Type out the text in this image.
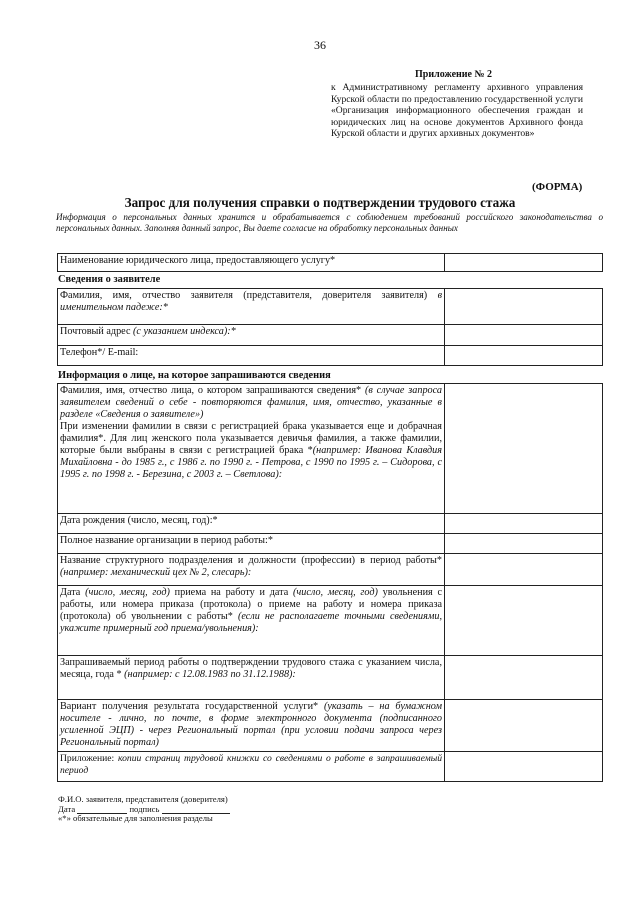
36
Приложение № 2
к Административному регламенту архивного управления Курской области по предоставлению государственной услуги «Организация информационного обеспечения граждан и юридических лиц на основе документов Архивного фонда Курской области и других архивных документов»
(ФОРМА)
Запрос для получения справки о подтверждении трудового стажа
Информация о персональных данных хранится и обрабатывается с соблюдением требований российского законодательства о персональных данных. Заполняя данный запрос, Вы даете согласие на обработку персональных данных
Наименование юридического лица, предоставляющего услугу*	
Сведения о заявителе
Фамилия, имя, отчество заявителя (представителя, доверителя заявителя) в именительном падеже:*	
Почтовый адрес (с указанием индекса):*	
Телефон*/ E-mail:	
Информация о лице, на которое запрашиваются сведения
Фамилия, имя, отчество лица, о котором запрашиваются сведения* (в случае запроса заявителем сведений о себе - повторяются фамилия, имя, отчество, указанные в разделе «Сведения о заявителе»)
При изменении фамилии в связи с регистрацией брака указывается еще и добрачная фамилия*. Для лиц женского пола указывается девичья фамилия, а также фамилии, которые были выбраны в связи с регистрацией брака *(например: Иванова Клавдия Михайловна - до 1985 г., с 1986 г. по 1990 г. - Петрова, с 1990 по 1995 г. – Сидорова, с 1995 г. по 1998 г. - Березина, с 2003 г. – Светлова):	
Дата рождения (число, месяц, год):*	
Полное название организации в период работы:*	
Название структурного подразделения и должности (профессии) в период работы* (например: механический цех № 2, слесарь):	
Дата (число, месяц, год) приема на работу и дата (число, месяц, год) увольнения с работы, или номера приказа (протокола) о приеме на работу и номера приказа (протокола) об увольнении с работы* (если не располагаете точными сведениями, укажите примерный год приема/увольнения):	
Запрашиваемый период работы о подтверждении трудового стажа с указанием числа, месяца, года * (например: с 12.08.1983 по 31.12.1988):	
Вариант получения результата государственной услуги* (указать – на бумажном носителе - лично, по почте, в форме электронного документа (подписанного усиленной ЭЦП) - через Региональный портал (при условии подачи запроса через Региональный портал)	
Приложение: копии страниц трудовой книжки со сведениями о работе в запрашиваемый период	
Ф.И.О. заявителя, представителя (доверителя)
Дата	подпись
«*» обязательные для заполнения разделы
